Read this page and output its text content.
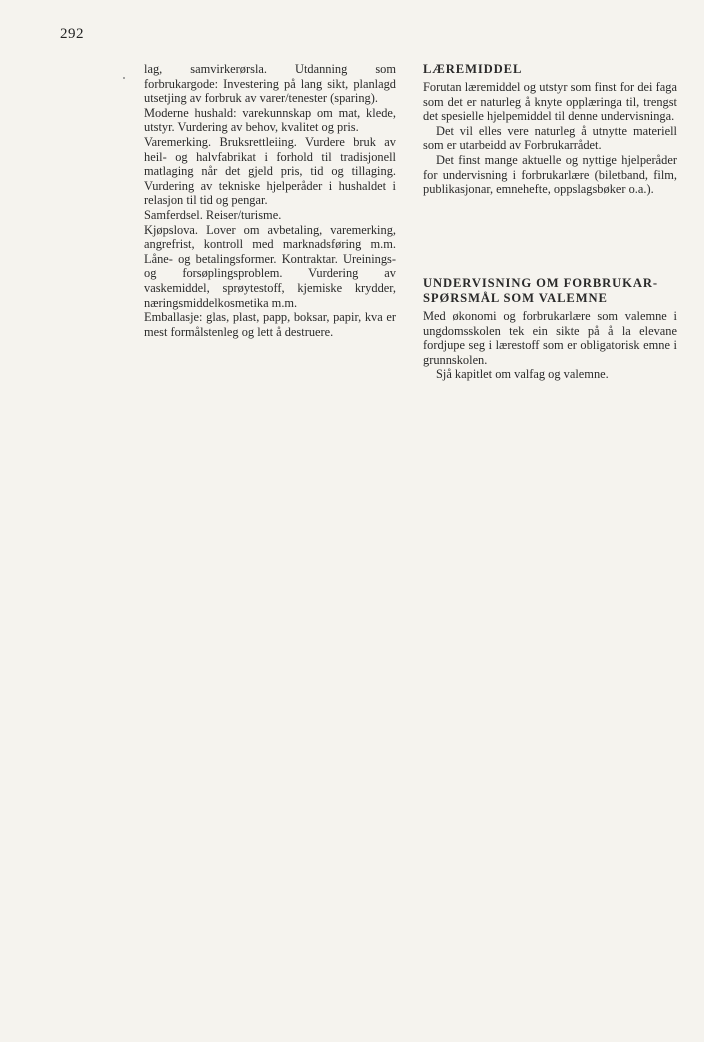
292

lag, samvirkerørsla. Utdanning som forbrukargode: Investering på lang sikt, planlagd utsetjing av forbruk av varer/tenester (sparing).

Moderne hushald: varekunnskap om mat, klede, utstyr. Vurdering av behov, kvalitet og pris.

Varemerking. Bruksrettleiing. Vurdere bruk av heil- og halvfabrikat i forhold til tradisjonell matlaging når det gjeld pris, tid og tillaging. Vurdering av tekniske hjelperåder i hushaldet i relasjon til tid og pengar.

Samferdsel. Reiser/turisme.

Kjøpslova. Lover om avbetaling, varemerking, angrefrist, kontroll med marknadsføring m.m. Låne- og betalingsformer. Kontraktar. Ureinings- og forsøplingsproblem. Vurdering av vaskemiddel, sprøytestoff, kjemiske krydder, næringsmiddelkosmetika m.m.

Emballasje: glas, plast, papp, boksar, papir, kva er mest formålstenleg og lett å destruere.

LÆREMIDDEL

Forutan læremiddel og utstyr som finst for dei faga som det er naturleg å knyte opplæringa til, trengst det spesielle hjelpemiddel til denne undervisninga.

Det vil elles vere naturleg å utnytte materiell som er utarbeidd av Forbrukarrådet.

Det finst mange aktuelle og nyttige hjelperåder for undervisning i forbrukarlære (biletband, film, publikasjonar, emnehefte, oppslagsbøker o.a.).

UNDERVISNING OM FORBRUKAR-
SPØRSMÅL SOM VALEMNE

Med økonomi og forbrukarlære som valemne i ungdomsskolen tek ein sikte på å la elevane fordjupe seg i lærestoff som er obligatorisk emne i grunnskolen.

Sjå kapitlet om valfag og valemne.
